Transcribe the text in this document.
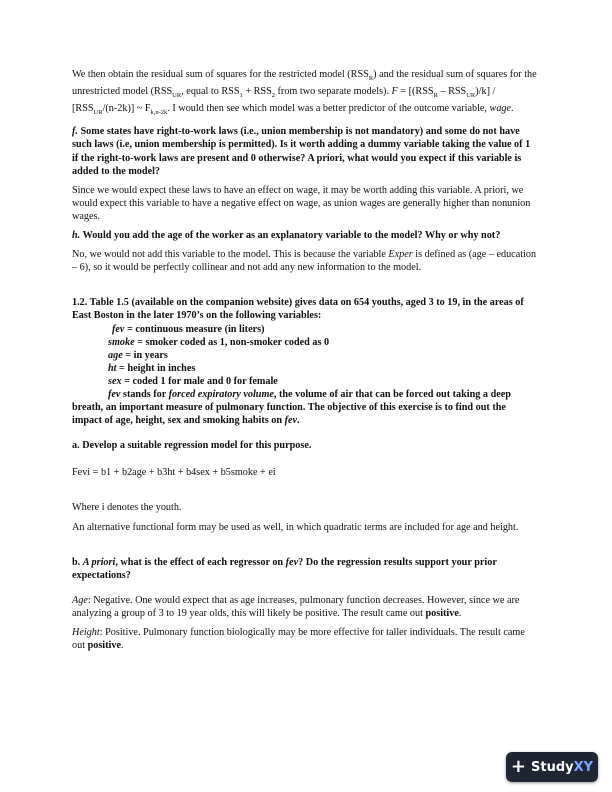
We then obtain the residual sum of squares for the restricted model $(RSS_R)$ and the residual sum of squares for the unrestricted model ($RSS_{UR}$, equal to $RSS_1 + RSS_2$ from two separate models). $F = [(RSS_R - RSS_{UR})/k] / [RSS_{UR}/(n-2k)]$ ~ $F_{k,n-2k}$. I would then see which model was a better predictor of the outcome variable, wage.

f. Some states have right-to-work laws (i.e., union membership is not mandatory) and some do not have such laws (i.e, union membership is permitted). Is it worth adding a dummy variable taking the value of 1 if the right-to-work laws are present and 0 otherwise? A priori, what would you expect if this variable is added to the model?

Since we would expect these laws to have an effect on wage, it may be worth adding this variable. A priori, we would expect this variable to have a negative effect on wage, as union wages are generally higher than nonunion wages.

h. Would you add the age of the worker as an explanatory variable to the model? Why or why not?

No, we would not add this variable to the model. This is because the variable Exper is defined as (age – education – 6), so it would be perfectly collinear and not add any new information to the model.

1.2. Table 1.5 (available on the companion website) gives data on 654 youths, aged 3 to 19, in the areas of East Boston in the later 1970’s on the following variables:

fev = continuous measure (in liters)

smoke = smoker coded as 1, non-smoker coded as 0

age = in years

ht = height in inches

sex = coded 1 for male and 0 for female

fev stands for forced expiratory volume, the volume of air that can be forced out taking a deep breath, an important measure of pulmonary function. The objective of this exercise is to find out the impact of age, height, sex and smoking habits on fev.

a. Develop a suitable regression model for this purpose.

Fevi = b1 + b2age + b3ht + b4sex + b5smoke + ei

Where i denotes the youth.

An alternative functional form may be used as well, in which quadratic terms are included for age and height.

b. A priori, what is the effect of each regressor on fev? Do the regression results support your prior expectations?

Age: Negative. One would expect that as age increases, pulmonary function decreases. However, since we are analyzing a group of 3 to 19 year olds, this will likely be positive. The result came out positive.

Height: Positive. Pulmonary function biologically may be more effective for taller individuals. The result came out positive.

+ StudyXY
